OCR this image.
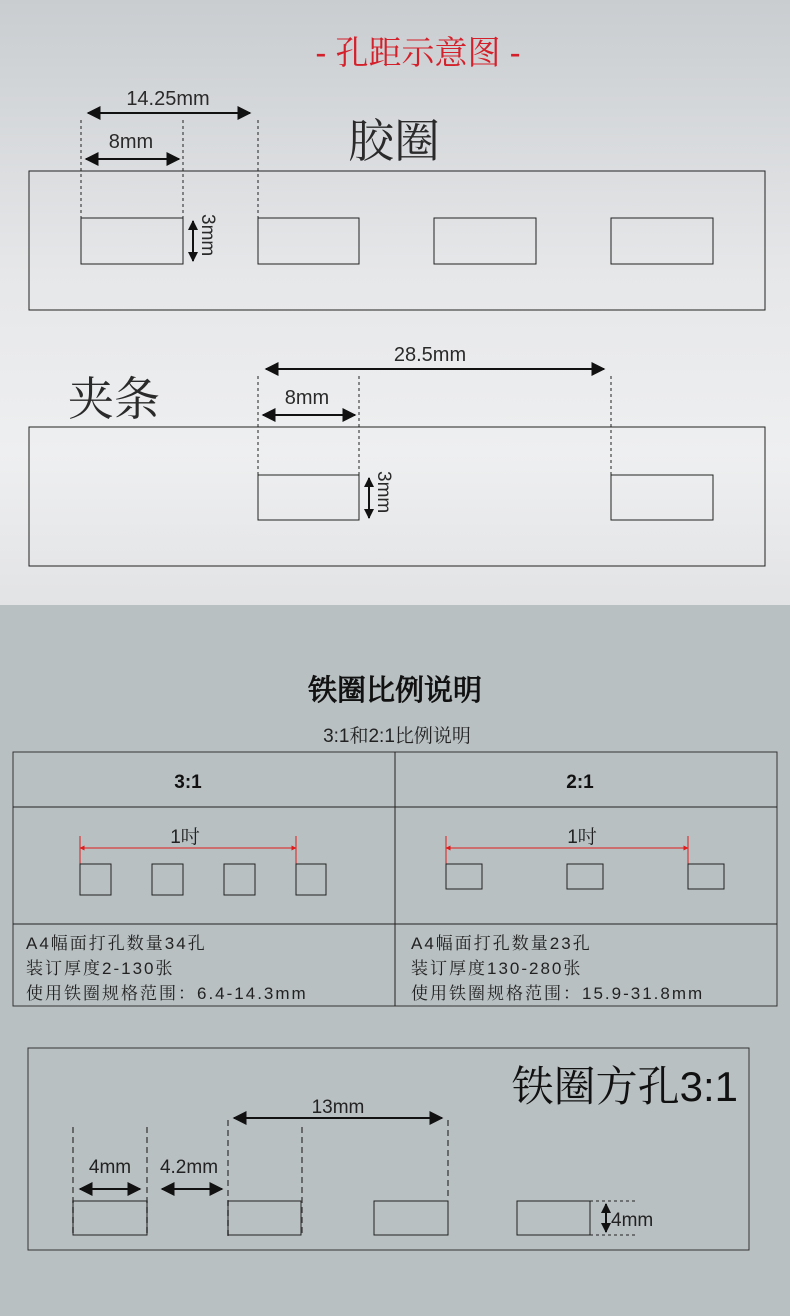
- 孔距示意图 -
胶圈
14.25mm
8mm
3mm
夹条
28.5mm
8mm
3mm
铁圈比例说明
3:1和2:1比例说明
3:1	2:1
1吋	1吋
A4幅面打孔数量34孔
装订厚度2-130张
使用铁圈规格范围：6.4-14.3mm
A4幅面打孔数量23孔
装订厚度130-280张
使用铁圈规格范围：15.9-31.8mm
铁圈方孔3:1
4mm 4.2mm
13mm
4mm
